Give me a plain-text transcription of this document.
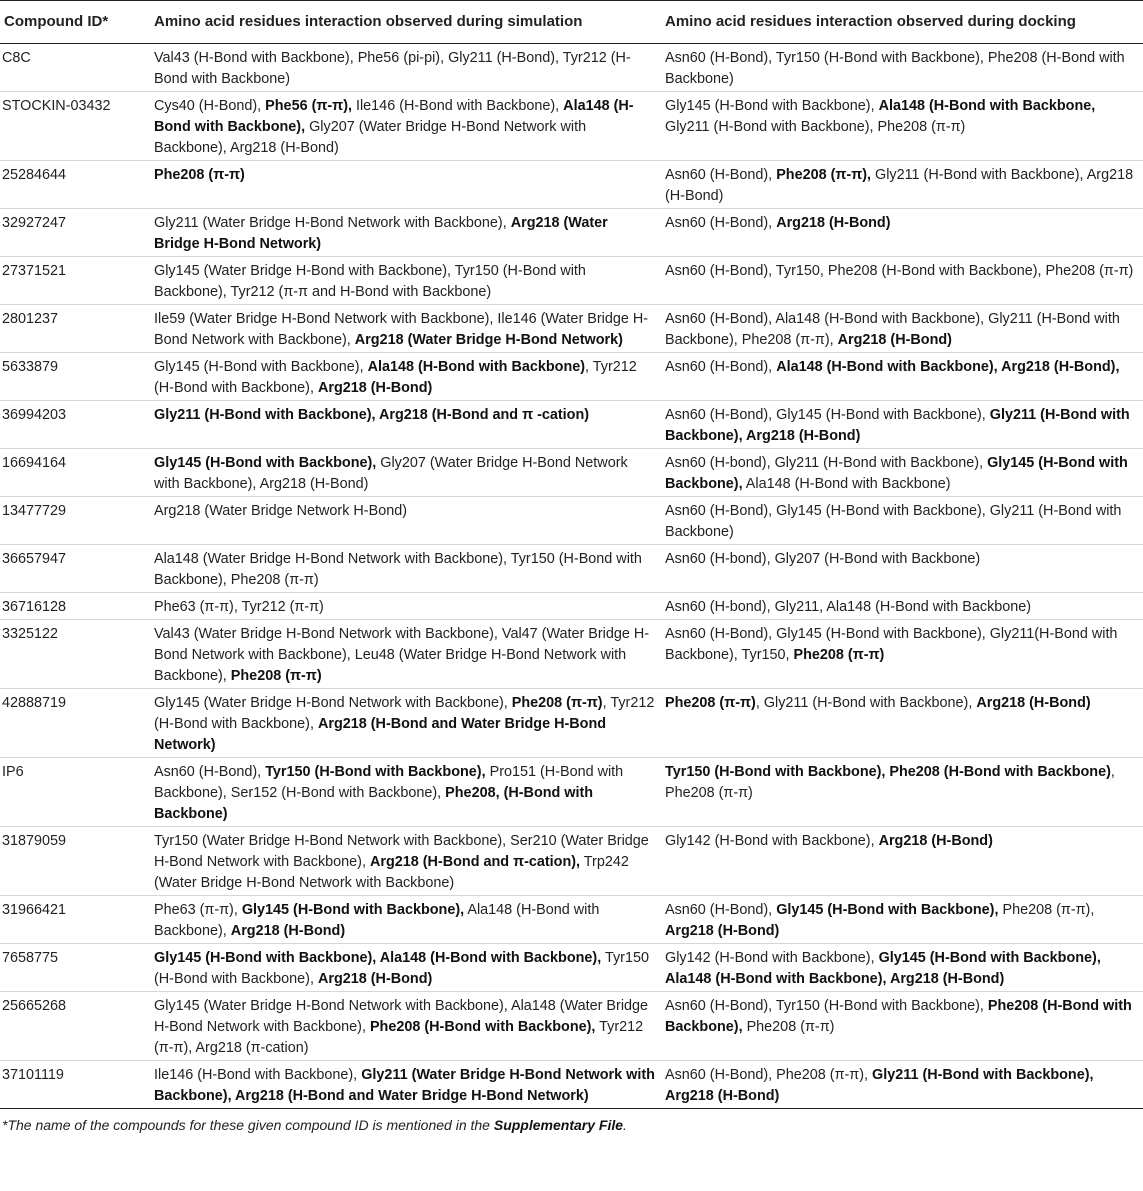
Compound ID*	Amino acid residues interaction observed during simulation	Amino acid residues interaction observed during docking
C8C	Val43 (H-Bond with Backbone), Phe56 (pi-pi), Gly211 (H-Bond), Tyr212 (H-Bond with Backbone)	Asn60 (H-Bond), Tyr150 (H-Bond with Backbone), Phe208 (H-Bond with Backbone)
STOCKIN-03432	Cys40 (H-Bond), Phe56 (π-π), Ile146 (H-Bond with Backbone), Ala148 (H-Bond with Backbone), Gly207 (Water Bridge H-Bond Network with Backbone), Arg218 (H-Bond)	Gly145 (H-Bond with Backbone), Ala148 (H-Bond with Backbone, Gly211 (H-Bond with Backbone), Phe208 (π-π)
25284644	Phe208 (π-π)	Asn60 (H-Bond), Phe208 (π-π), Gly211 (H-Bond with Backbone), Arg218 (H-Bond)
32927247	Gly211 (Water Bridge H-Bond Network with Backbone), Arg218 (Water Bridge H-Bond Network)	Asn60 (H-Bond), Arg218 (H-Bond)
27371521	Gly145 (Water Bridge H-Bond with Backbone), Tyr150 (H-Bond with Backbone), Tyr212 (π-π and H-Bond with Backbone)	Asn60 (H-Bond), Tyr150, Phe208 (H-Bond with Backbone), Phe208 (π-π)
2801237	Ile59 (Water Bridge H-Bond Network with Backbone), Ile146 (Water Bridge H-Bond Network with Backbone), Arg218 (Water Bridge H-Bond Network)	Asn60 (H-Bond), Ala148 (H-Bond with Backbone), Gly211 (H-Bond with Backbone), Phe208 (π-π), Arg218 (H-Bond)
5633879	Gly145 (H-Bond with Backbone), Ala148 (H-Bond with Backbone), Tyr212 (H-Bond with Backbone), Arg218 (H-Bond)	Asn60 (H-Bond), Ala148 (H-Bond with Backbone), Arg218 (H-Bond),
36994203	Gly211 (H-Bond with Backbone), Arg218 (H-Bond and π -cation)	Asn60 (H-Bond), Gly145 (H-Bond with Backbone), Gly211 (H-Bond with Backbone), Arg218 (H-Bond)
16694164	Gly145 (H-Bond with Backbone), Gly207 (Water Bridge H-Bond Network with Backbone), Arg218 (H-Bond)	Asn60 (H-bond), Gly211 (H-Bond with Backbone), Gly145 (H-Bond with Backbone), Ala148 (H-Bond with Backbone)
13477729	Arg218 (Water Bridge Network H-Bond)	Asn60 (H-Bond), Gly145 (H-Bond with Backbone), Gly211 (H-Bond with Backbone)
36657947	Ala148 (Water Bridge H-Bond Network with Backbone), Tyr150 (H-Bond with Backbone), Phe208 (π-π)	Asn60 (H-bond), Gly207 (H-Bond with Backbone)
36716128	Phe63 (π-π), Tyr212 (π-π)	Asn60 (H-bond), Gly211, Ala148 (H-Bond with Backbone)
3325122	Val43 (Water Bridge H-Bond Network with Backbone), Val47 (Water Bridge H-Bond Network with Backbone), Leu48 (Water Bridge H-Bond Network with Backbone), Phe208 (π-π)	Asn60 (H-Bond), Gly145 (H-Bond with Backbone), Gly211(H-Bond with Backbone), Tyr150, Phe208 (π-π)
42888719	Gly145 (Water Bridge H-Bond Network with Backbone), Phe208 (π-π), Tyr212 (H-Bond with Backbone), Arg218 (H-Bond and Water Bridge H-Bond Network)	Phe208 (π-π), Gly211 (H-Bond with Backbone), Arg218 (H-Bond)
IP6	Asn60 (H-Bond), Tyr150 (H-Bond with Backbone), Pro151 (H-Bond with Backbone), Ser152 (H-Bond with Backbone), Phe208, (H-Bond with Backbone)	Tyr150 (H-Bond with Backbone), Phe208 (H-Bond with Backbone), Phe208 (π-π)
31879059	Tyr150 (Water Bridge H-Bond Network with Backbone), Ser210 (Water Bridge H-Bond Network with Backbone), Arg218 (H-Bond and π-cation), Trp242 (Water Bridge H-Bond Network with Backbone)	Gly142 (H-Bond with Backbone), Arg218 (H-Bond)
31966421	Phe63 (π-π), Gly145 (H-Bond with Backbone), Ala148 (H-Bond with Backbone), Arg218 (H-Bond)	Asn60 (H-Bond), Gly145 (H-Bond with Backbone), Phe208 (π-π), Arg218 (H-Bond)
7658775	Gly145 (H-Bond with Backbone), Ala148 (H-Bond with Backbone), Tyr150 (H-Bond with Backbone), Arg218 (H-Bond)	Gly142 (H-Bond with Backbone), Gly145 (H-Bond with Backbone), Ala148 (H-Bond with Backbone), Arg218 (H-Bond)
25665268	Gly145 (Water Bridge H-Bond Network with Backbone), Ala148 (Water Bridge H-Bond Network with Backbone), Phe208 (H-Bond with Backbone), Tyr212 (π-π), Arg218 (π-cation)	Asn60 (H-Bond), Tyr150 (H-Bond with Backbone), Phe208 (H-Bond with Backbone), Phe208 (π-π)
37101119	Ile146 (H-Bond with Backbone), Gly211 (Water Bridge H-Bond Network with Backbone), Arg218 (H-Bond and Water Bridge H-Bond Network)	Asn60 (H-Bond), Phe208 (π-π), Gly211 (H-Bond with Backbone), Arg218 (H-Bond)
*The name of the compounds for these given compound ID is mentioned in the Supplementary File.
